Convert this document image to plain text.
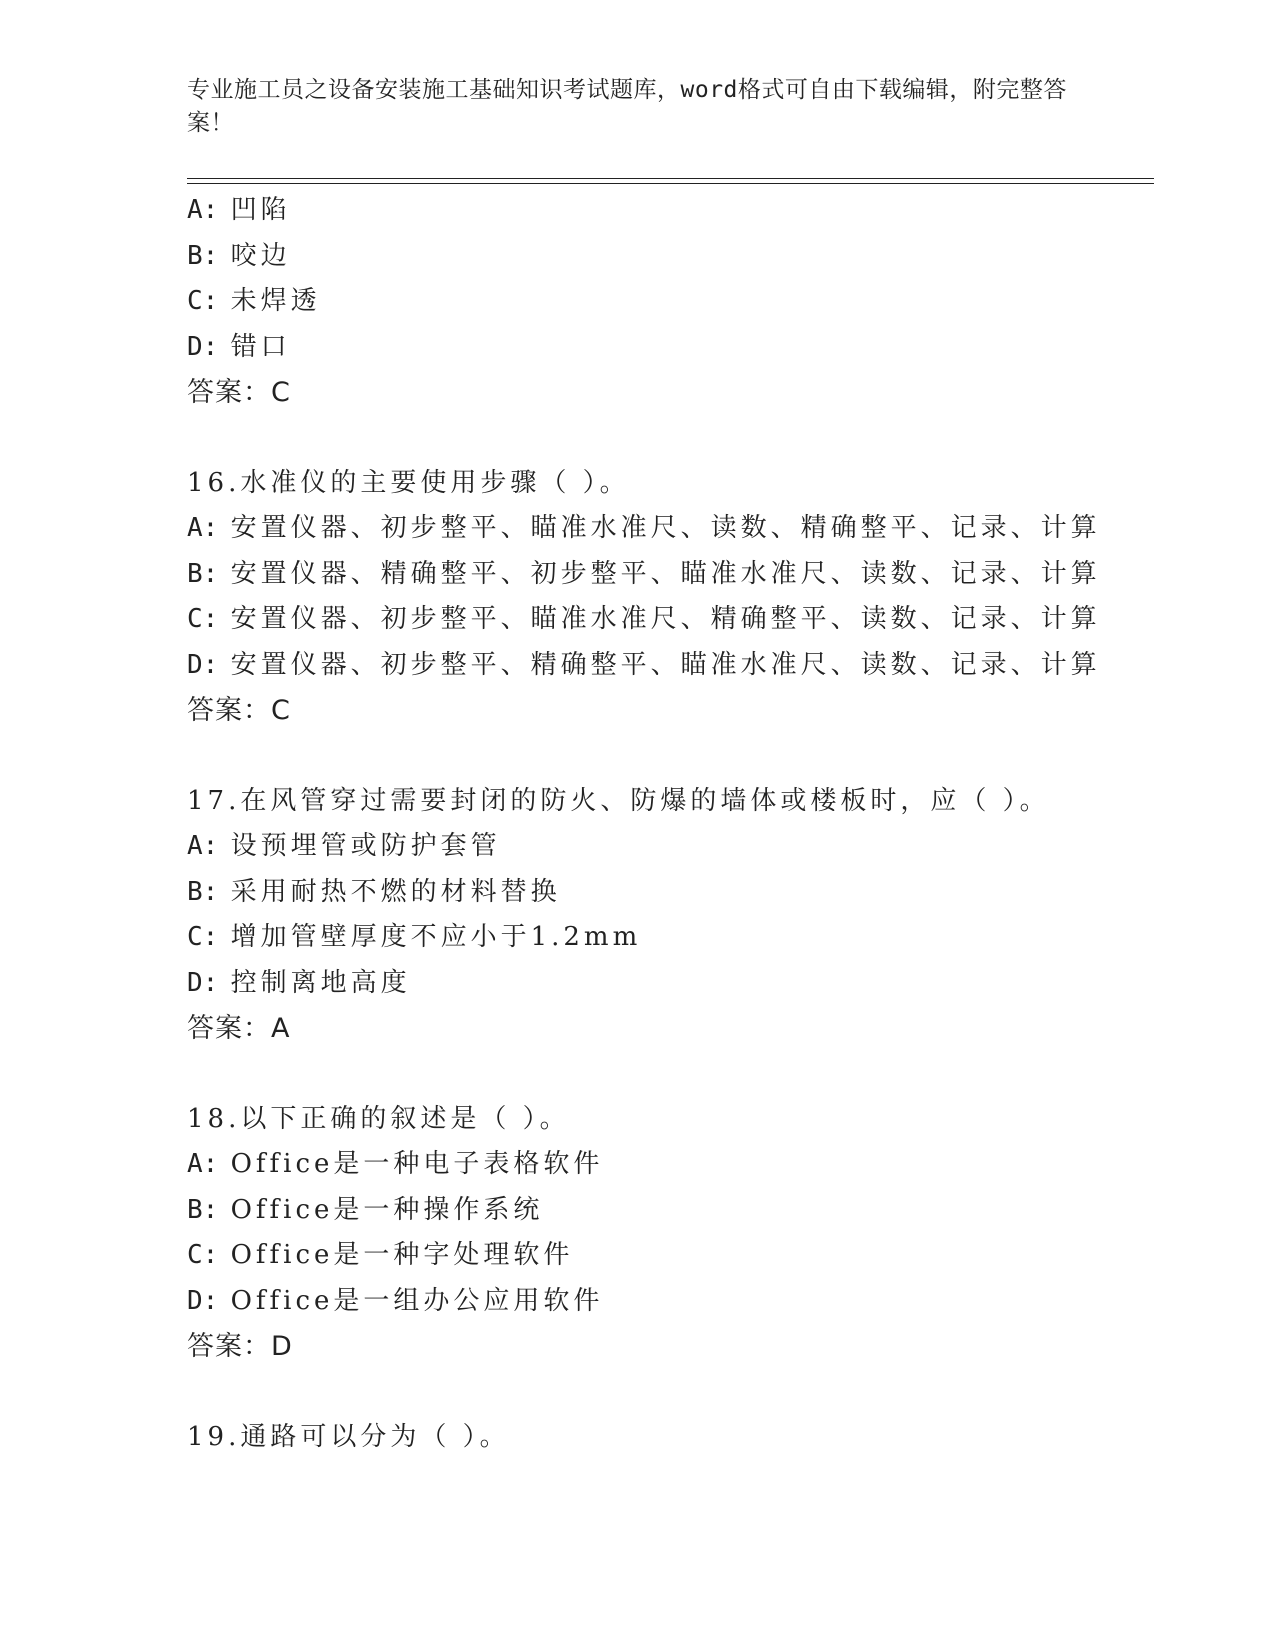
专业施工员之设备安装施工基础知识考试题库，word格式可自由下载编辑，附完整答案！
A: 凹陷
B: 咬边
C: 未焊透
D: 错口
答案：C
16.水准仪的主要使用步骤（ ）。
A: 安置仪器、初步整平、瞄准水准尺、读数、精确整平、记录、计算
B: 安置仪器、精确整平、初步整平、瞄准水准尺、读数、记录、计算
C: 安置仪器、初步整平、瞄准水准尺、精确整平、读数、记录、计算
D: 安置仪器、初步整平、精确整平、瞄准水准尺、读数、记录、计算
答案：C
17.在风管穿过需要封闭的防火、防爆的墙体或楼板时，应（ ）。
A: 设预埋管或防护套管
B: 采用耐热不燃的材料替换
C: 增加管壁厚度不应小于1.2mm
D: 控制离地高度
答案：A
18.以下正确的叙述是（ ）。
A: Office是一种电子表格软件
B: Office是一种操作系统
C: Office是一种字处理软件
D: Office是一组办公应用软件
答案：D
19.通路可以分为（ ）。
